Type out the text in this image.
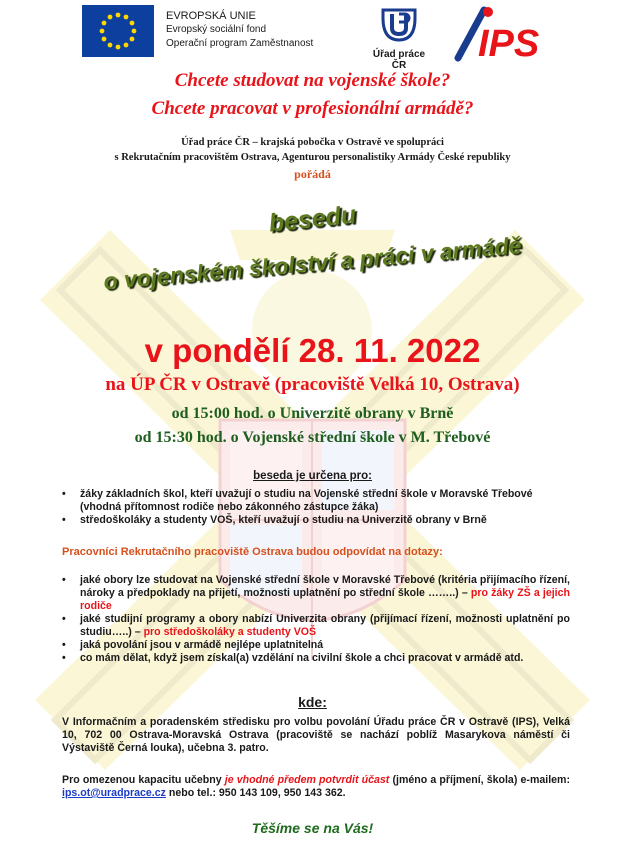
EVROPSKÁ UNIE
Evropský sociální fond
Operační program Zaměstnanost
Úřad práce ČR
IPS
Chcete studovat na vojenské škole?
Chcete pracovat v profesionální armádě?
Úřad práce ČR – krajská pobočka v Ostravě ve spolupráci
s Rekrutačním pracovištěm Ostrava, Agenturou personalistiky Armády České republiky
pořádá
besedu
o vojenském školství a práci v armádě
v pondělí 28. 11. 2022
na ÚP ČR v Ostravě (pracoviště Velká 10, Ostrava)
od 15:00 hod. o Univerzitě obrany v Brně
od 15:30 hod. o Vojenské střední škole v M. Třebové
beseda je určena pro:
• žáky základních škol, kteří uvažují o studiu na Vojenské střední škole v Moravské Třebové (vhodná přítomnost rodiče nebo zákonného zástupce žáka)
• středoškoláky a studenty VOŠ, kteří uvažují o studiu na Univerzitě obrany v Brně
Pracovníci Rekrutačního pracoviště Ostrava budou odpovídat na dotazy:
• jaké obory lze studovat na Vojenské střední škole v Moravské Třebové (kritéria přijímacího řízení, nároky a předpoklady na přijetí, možnosti uplatnění po střední škole ……..) – pro žáky ZŠ a jejich rodiče
• jaké studijní programy a obory nabízí Univerzita obrany (přijímací řízení, možnosti uplatnění po studiu…..) – pro středoškoláky a studenty VOŠ
• jaká povolání jsou v armádě nejlépe uplatnitelná
• co mám dělat, když jsem získal(a) vzdělání na civilní škole a chci pracovat v armádě atd.
kde:
V Informačním a poradenském středisku pro volbu povolání Úřadu práce ČR v Ostravě (IPS), Velká 10, 702 00 Ostrava-Moravská Ostrava (pracoviště se nachází poblíž Masarykova náměstí či Výstaviště Černá louka), učebna 3. patro.
Pro omezenou kapacitu učebny je vhodné předem potvrdit účast (jméno a příjmení, škola) e-mailem: ips.ot@uradprace.cz nebo tel.: 950 143 109, 950 143 362.
Těšíme se na Vás!
